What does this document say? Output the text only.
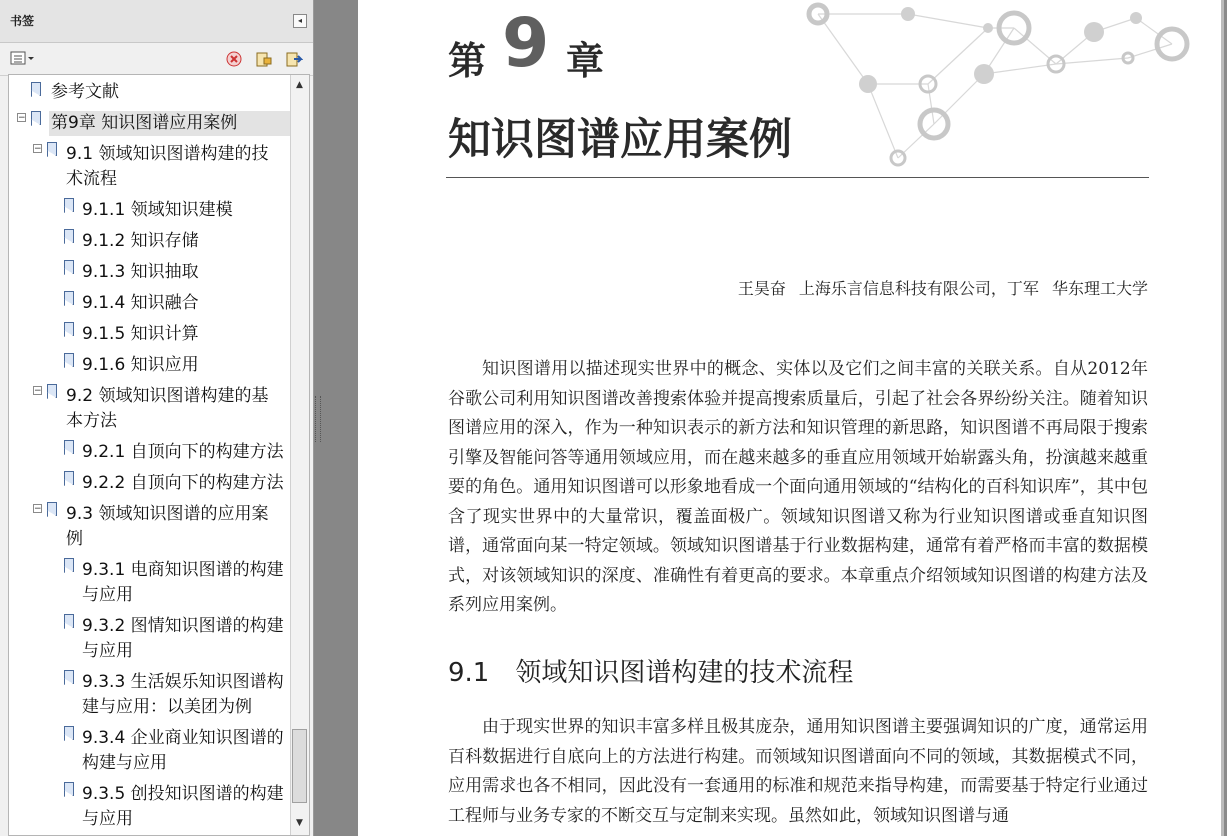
书签	◂
参考文献
− 第9章 知识图谱应用案例
− 9.1 领域知识图谱构建的技
术流程
9.1.1 领域知识建模
9.1.2 知识存储
9.1.3 知识抽取
9.1.4 知识融合
9.1.5 知识计算
9.1.6 知识应用
− 9.2 领域知识图谱构建的基
本方法
9.2.1 自顶向下的构建方法
9.2.2 自顶向下的构建方法
− 9.3 领域知识图谱的应用案
例
9.3.1 电商知识图谱的构建
与应用
9.3.2 图情知识图谱的构建
与应用
9.3.3 生活娱乐知识图谱构
建与应用：以美团为例
9.3.4 企业商业知识图谱的
构建与应用
9.3.5 创投知识图谱的构建
与应用
▲
▼
第 9 章
知识图谱应用案例
王昊奋 上海乐言信息科技有限公司，丁军 华东理工大学
知识图谱用以描述现实世界中的概念、实体以及它们之间丰富的关联关系。自从2012年谷歌公司利用知识图谱改善搜索体验并提高搜索质量后，引起了社会各界纷纷关注。随着知识图谱应用的深入，作为一种知识表示的新方法和知识管理的新思路，知识图谱不再局限于搜索引擎及智能问答等通用领域应用，而在越来越多的垂直应用领域开始崭露头角，扮演越来越重要的角色。通用知识图谱可以形象地看成一个面向通用领域的“结构化的百科知识库”，其中包含了现实世界中的大量常识，覆盖面极广。领域知识图谱又称为行业知识图谱或垂直知识图谱，通常面向某一特定领域。领域知识图谱基于行业数据构建，通常有着严格而丰富的数据模式，对该领域知识的深度、准确性有着更高的要求。本章重点介绍领域知识图谱的构建方法及系列应用案例。
9.1 领域知识图谱构建的技术流程
由于现实世界的知识丰富多样且极其庞杂，通用知识图谱主要强调知识的广度，通常运用百科数据进行自底向上的方法进行构建。而领域知识图谱面向不同的领域，其数据模式不同，应用需求也各不相同，因此没有一套通用的标准和规范来指导构建，而需要基于特定行业通过工程师与业务专家的不断交互与定制来实现。虽然如此，领域知识图谱与通
